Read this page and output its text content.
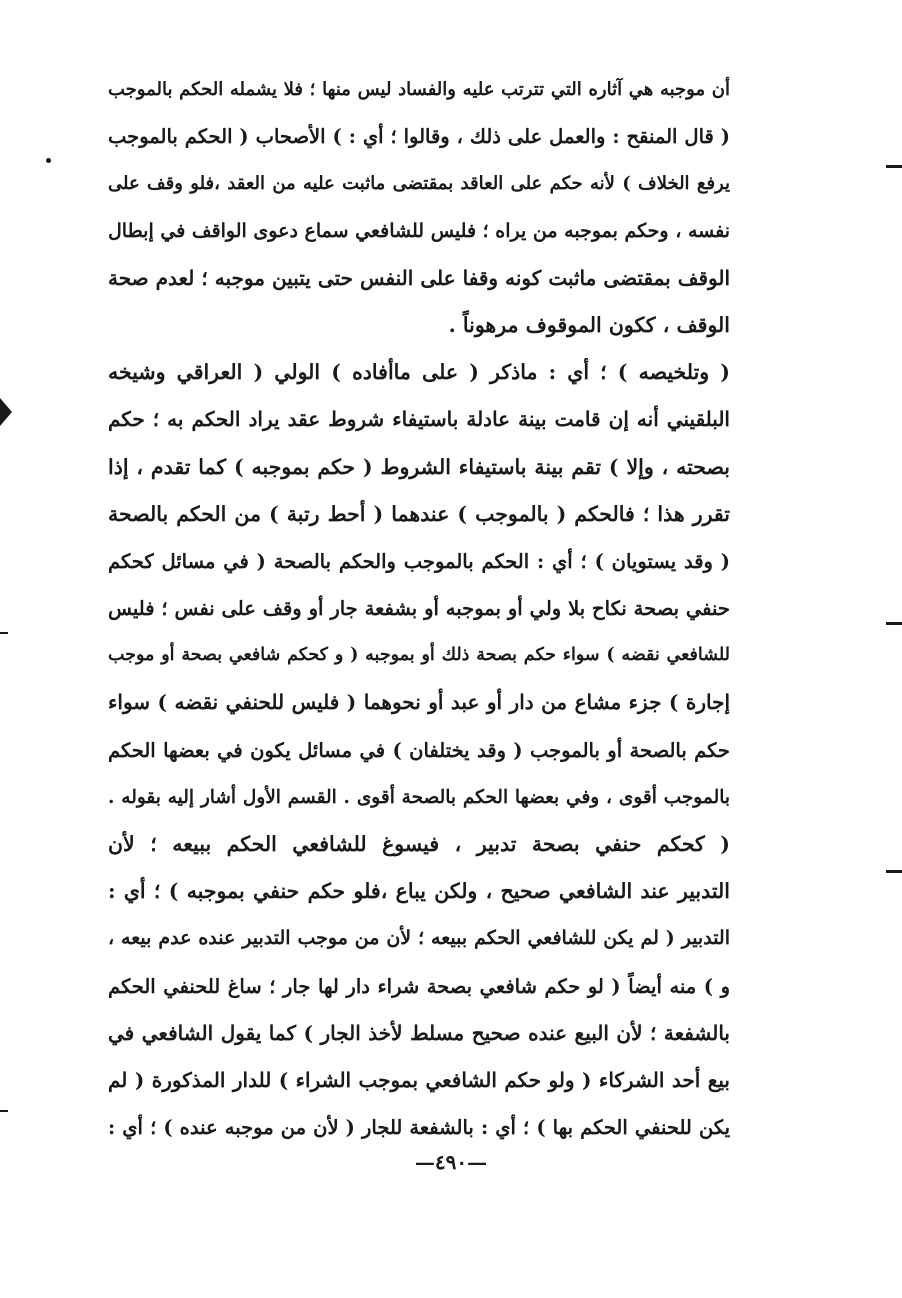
أن موجبه هي آثاره التي تترتب عليه والفساد ليس منها ؛ فلا يشمله الحكم بالموجب
( قال المنقح : والعمل على ذلك ، وقالوا ؛ أي : ) الأصحاب ( الحكم بالموجب
يرفع الخلاف ) لأنه حكم على العاقد بمقتضى ماثبت عليه من العقد ،فلو وقف على
نفسه ، وحكم بموجبه من يراه ؛ فليس للشافعي سماع دعوى الواقف في إبطال
الوقف بمقتضى ماثبت كونه وقفا على النفس حتى يتبين موجبه ؛ لعدم صحة
الوقف ، ككون الموقوف مرهوناً .
( وتلخيصه ) ؛ أي : ماذكر ( على ماأفاده ) الولي ( العراقي وشيخه
البلقيني أنه إن قامت بينة عادلة باستيفاء شروط عقد يراد الحكم به ؛ حكم
بصحته ، وإلا ) تقم بينة باستيفاء الشروط ( حكم بموجبه ) كما تقدم ، إذا
تقرر هذا ؛ فالحكم ( بالموجب ) عندهما ( أحط رتبة ) من الحكم بالصحة
( وقد يستويان ) ؛ أي : الحكم بالموجب والحكم بالصحة ( في مسائل كحكم
حنفي بصحة نكاح بلا ولي أو بموجبه أو بشفعة جار أو وقف على نفس ؛ فليس
للشافعي نقضه ) سواء حكم بصحة ذلك أو بموجبه ( و كحكم شافعي بصحة أو موجب
إجارة ) جزء مشاع من دار أو عبد أو نحوهما ( فليس للحنفي نقضه ) سواء
حكم بالصحة أو بالموجب ( وقد يختلفان ) في مسائل يكون في بعضها الحكم
بالموجب أقوى ، وفي بعضها الحكم بالصحة أقوى . القسم الأول أشار إليه بقوله .
( كحكم حنفي بصحة تدبير ، فيسوغ للشافعي الحكم ببيعه ؛ لأن
التدبير عند الشافعي صحيح ، ولكن يباع ،فلو حكم حنفي بموجبه ) ؛ أي :
التدبير ( لم يكن للشافعي الحكم ببيعه ؛ لأن من موجب التدبير عنده عدم بيعه ،
و ) منه أيضاً ( لو حكم شافعي بصحة شراء دار لها جار ؛ ساغ للحنفي الحكم
بالشفعة ؛ لأن البيع عنده صحيح مسلط لأخذ الجار ) كما يقول الشافعي في
بيع أحد الشركاء ( ولو حكم الشافعي بموجب الشراء ) للدار المذكورة ( لم
يكن للحنفي الحكم بها ) ؛ أي : بالشفعة للجار ( لأن من موجبه عنده ) ؛ أي :
—٤٩٠—
